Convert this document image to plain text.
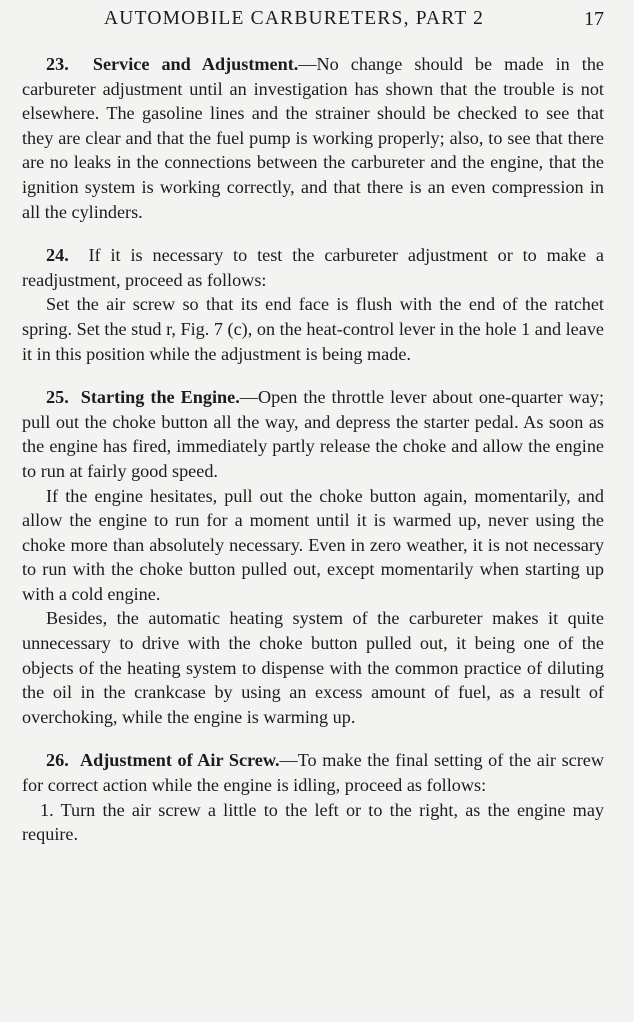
AUTOMOBILE CARBURETERS, PART 2	17

23. Service and Adjustment.—No change should be made in the carbureter adjustment until an investigation has shown that the trouble is not elsewhere. The gasoline lines and the strainer should be checked to see that they are clear and that the fuel pump is working properly; also, to see that there are no leaks in the connections between the carbureter and the engine, that the ignition system is working correctly, and that there is an even compression in all the cylinders.

24. If it is necessary to test the carbureter adjustment or to make a readjustment, proceed as follows:

Set the air screw so that its end face is flush with the end of the ratchet spring. Set the stud r, Fig. 7 (c), on the heat-control lever in the hole 1 and leave it in this position while the adjustment is being made.

25. Starting the Engine.—Open the throttle lever about one-quarter way; pull out the choke button all the way, and depress the starter pedal. As soon as the engine has fired, immediately partly release the choke and allow the engine to run at fairly good speed.

If the engine hesitates, pull out the choke button again, momentarily, and allow the engine to run for a moment until it is warmed up, never using the choke more than absolutely necessary. Even in zero weather, it is not necessary to run with the choke button pulled out, except momentarily when starting up with a cold engine.

Besides, the automatic heating system of the carbureter makes it quite unnecessary to drive with the choke button pulled out, it being one of the objects of the heating system to dispense with the common practice of diluting the oil in the crankcase by using an excess amount of fuel, as a result of overchoking, while the engine is warming up.

26. Adjustment of Air Screw.—To make the final setting of the air screw for correct action while the engine is idling, proceed as follows:

1. Turn the air screw a little to the left or to the right, as the engine may require.
